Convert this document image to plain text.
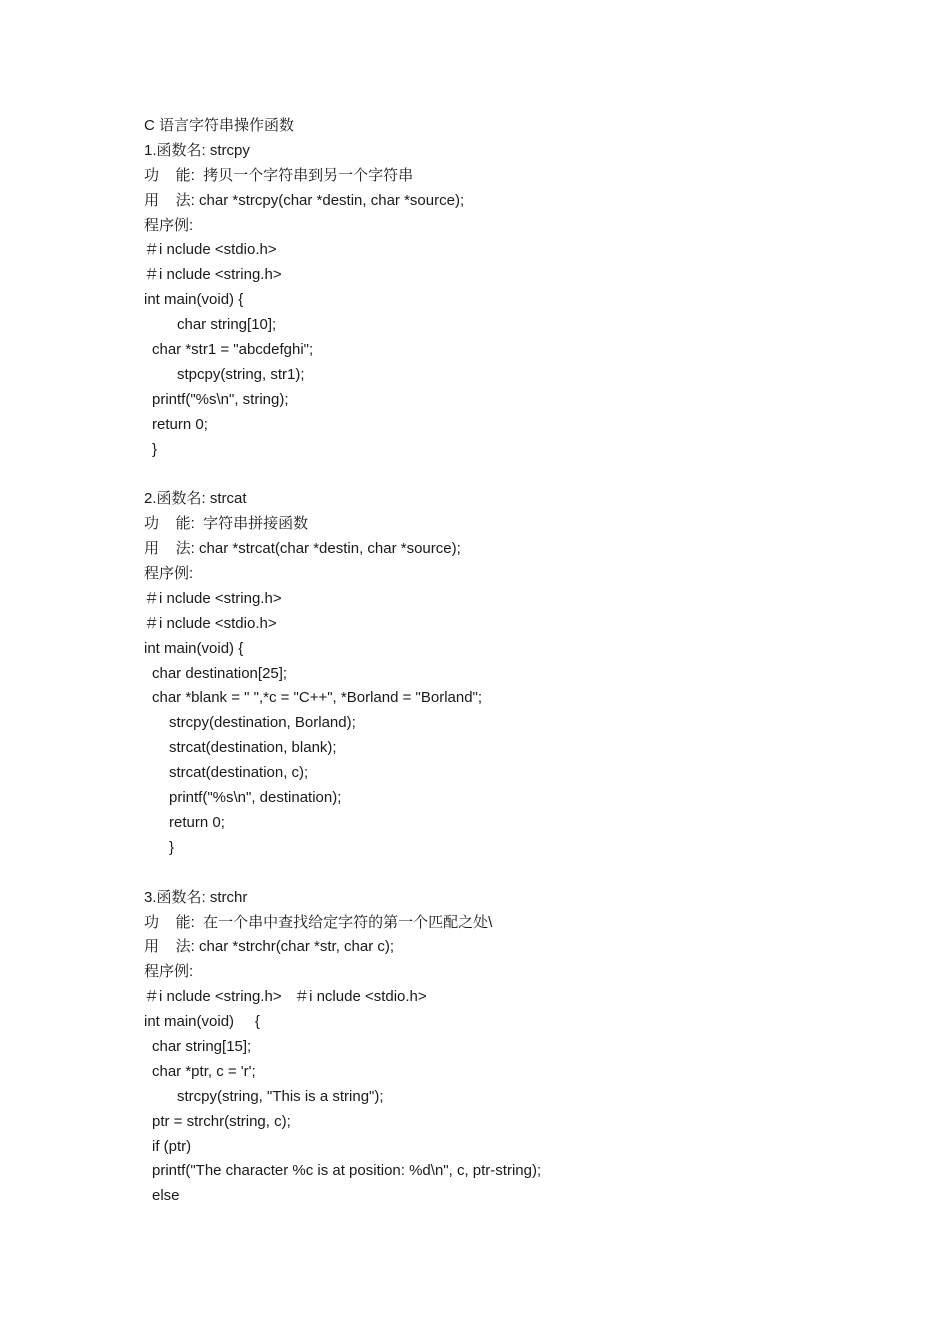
C 语言字符串操作函数
1.函数名: strcpy
功    能:  拷贝一个字符串到另一个字符串
用    法: char *strcpy(char *destin, char *source);
程序例:
＃i nclude <stdio.h>
＃i nclude <string.h>
int main(void) {
char string[10];
char *str1 = "abcdefghi";
stpcpy(string, str1);
printf("%s\n", string);
return 0;
}
2.函数名: strcat
功    能:  字符串拼接函数
用    法: char *strcat(char *destin, char *source);
程序例:
＃i nclude <string.h>
＃i nclude <stdio.h>
int main(void) {
char destination[25];
char *blank = " ",*c = "C++", *Borland = "Borland";
strcpy(destination, Borland);
strcat(destination, blank);
strcat(destination, c);
printf("%s\n", destination);
return 0;
}
3.函数名: strchr
功    能:  在一个串中查找给定字符的第一个匹配之处\
用    法: char *strchr(char *str, char c);
程序例:
＃i nclude <string.h>   ＃i nclude <stdio.h>
int main(void)     {
char string[15];
char *ptr, c = 'r';
strcpy(string, "This is a string");
ptr = strchr(string, c);
if (ptr)
printf("The character %c is at position: %d\n", c, ptr-string);
else
